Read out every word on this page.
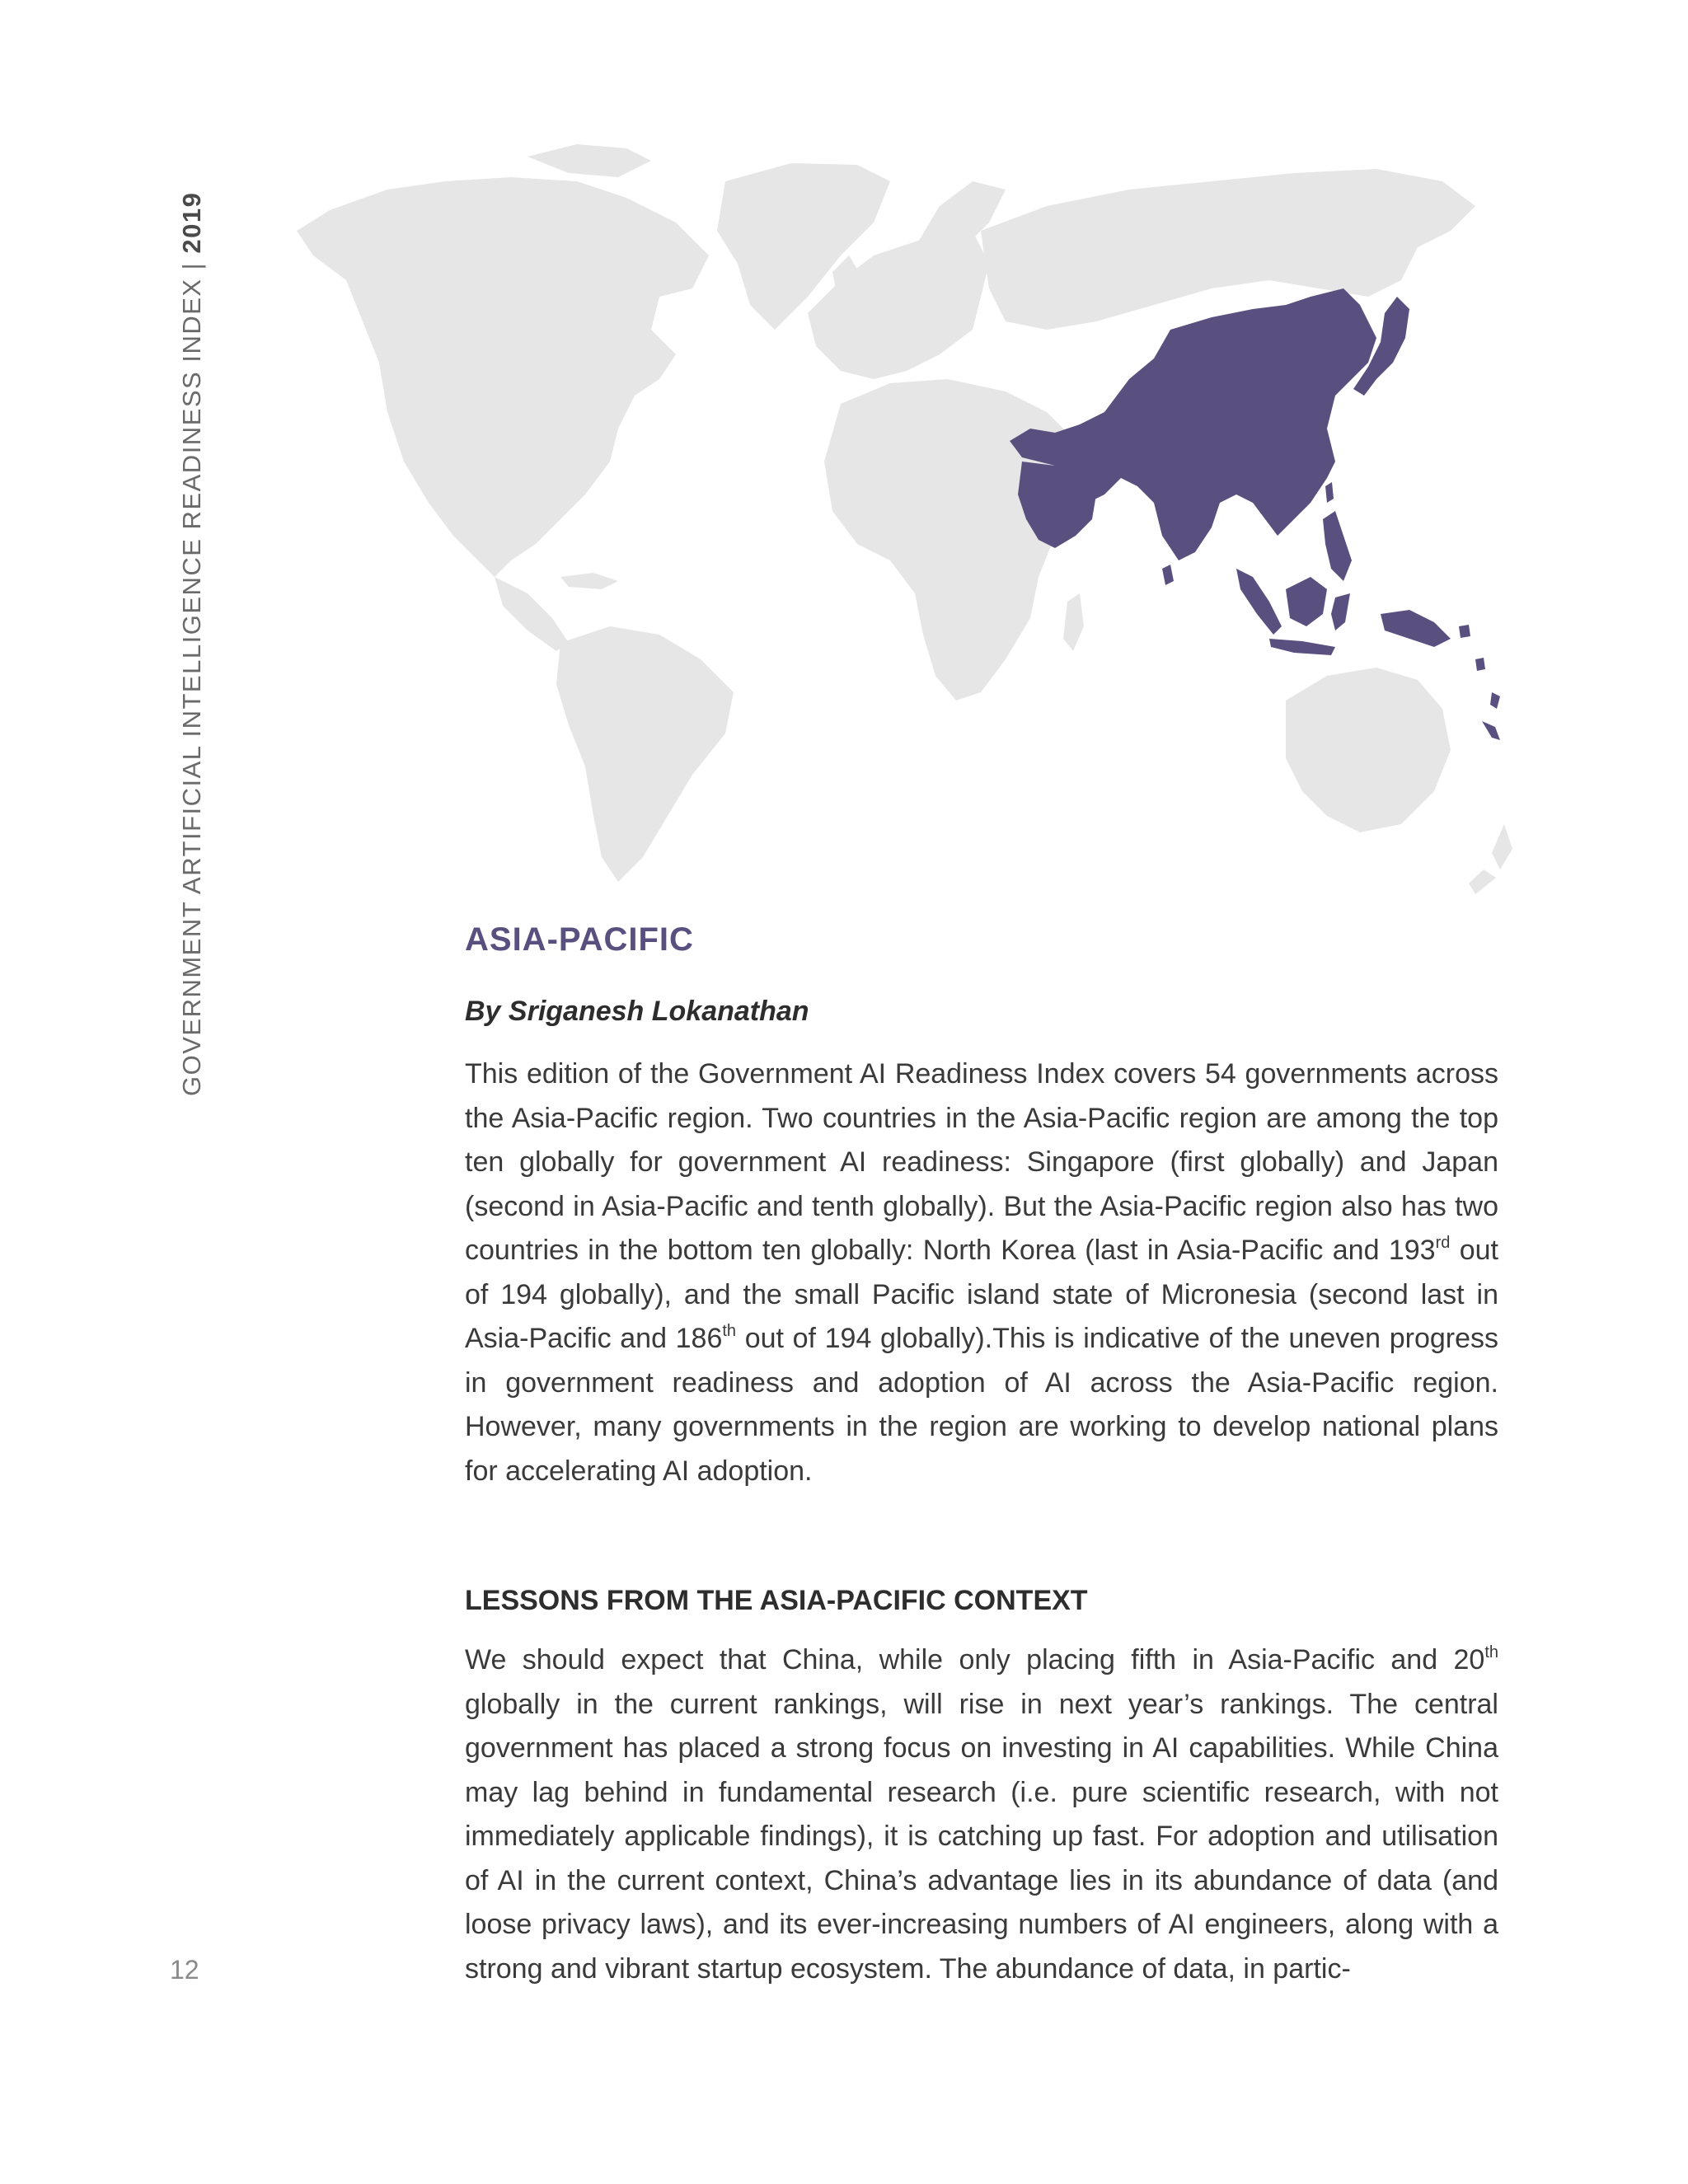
GOVERNMENT ARTIFICIAL INTELLIGENCE READINESS INDEX | 2019
ASIA-PACIFIC

By Sriganesh Lokanathan

This edition of the Government AI Readiness Index covers 54 governments across the Asia-Pacific region. Two countries in the Asia-Pacific region are among the top ten globally for government AI readiness: Singapore (first globally) and Japan (second in Asia-Pacific and tenth globally). But the Asia-Pacific region also has two countries in the bottom ten globally: North Korea (last in Asia-Pacific and 193rd out of 194 globally), and the small Pacific island state of Micronesia (second last in Asia-Pacific and 186th out of 194 globally).This is indicative of the uneven progress in government readiness and adoption of AI across the Asia-Pacific region. However, many governments in the region are working to develop national plans for accelerating AI adoption.

LESSONS FROM THE ASIA-PACIFIC CONTEXT

We should expect that China, while only placing fifth in Asia-Pacific and 20th globally in the current rankings, will rise in next year’s rankings. The central government has placed a strong focus on investing in AI capabilities. While China may lag behind in fundamental research (i.e. pure scientific research, with not immediately applicable findings), it is catching up fast. For adoption and utilisation of AI in the current context, China’s advantage lies in its abundance of data (and loose privacy laws), and its ever-increasing numbers of AI engineers, along with a strong and vibrant startup ecosystem. The abundance of data, in partic-

12
